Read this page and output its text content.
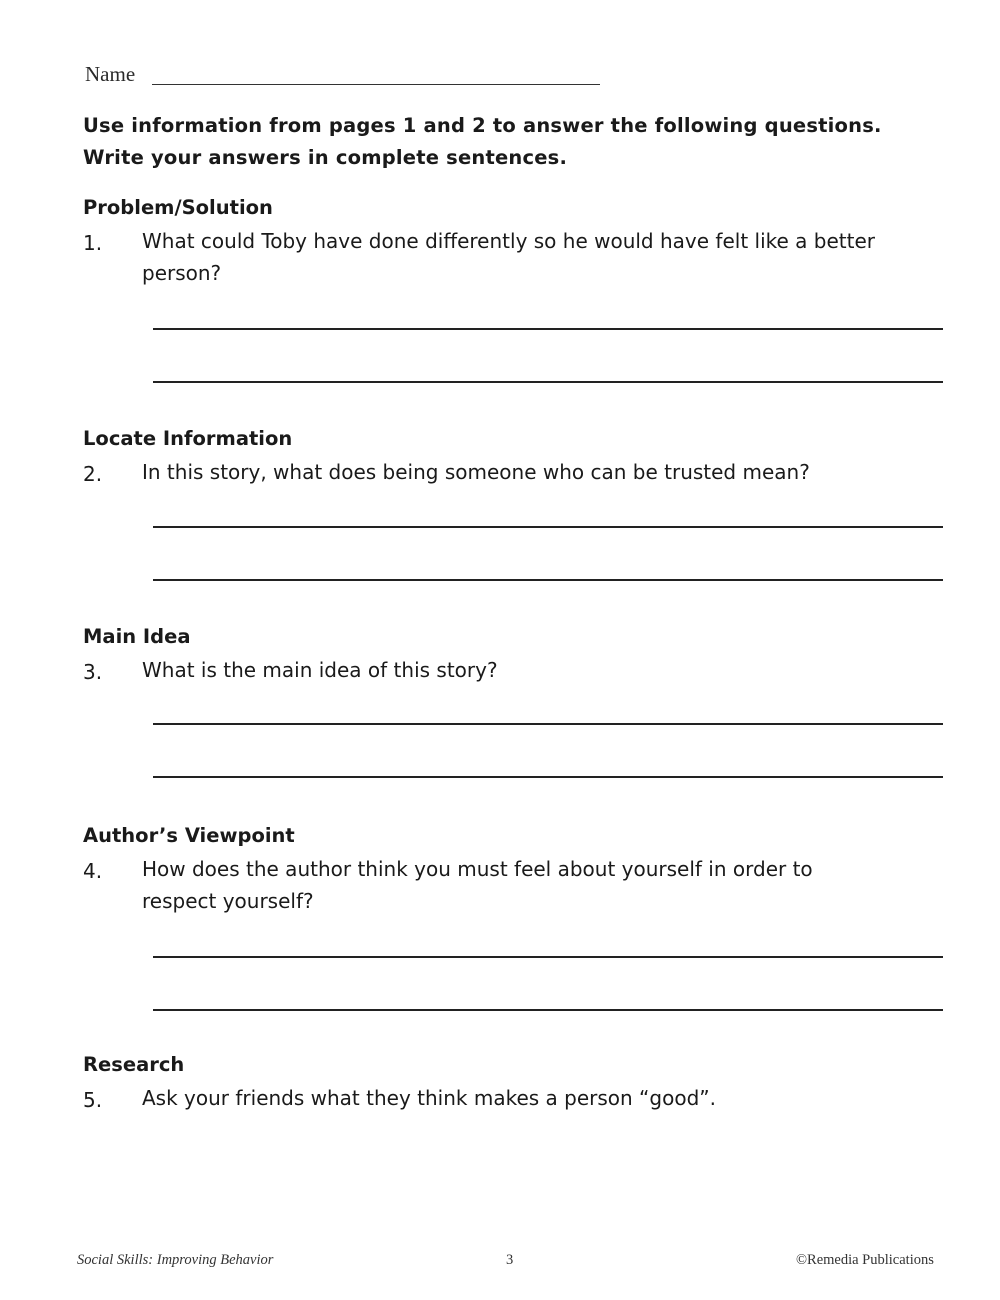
Name
Use information from pages 1 and 2 to answer the following questions.
Write your answers in complete sentences.
Problem/Solution
1. What could Toby have done differently so he would have felt like a better person?
Locate Information
2. In this story, what does being someone who can be trusted mean?
Main Idea
3. What is the main idea of this story?
Author’s Viewpoint
4. How does the author think you must feel about yourself in order to respect yourself?
Research
5. Ask your friends what they think makes a person “good”.
Social Skills: Improving Behavior	3	©Remedia Publications
